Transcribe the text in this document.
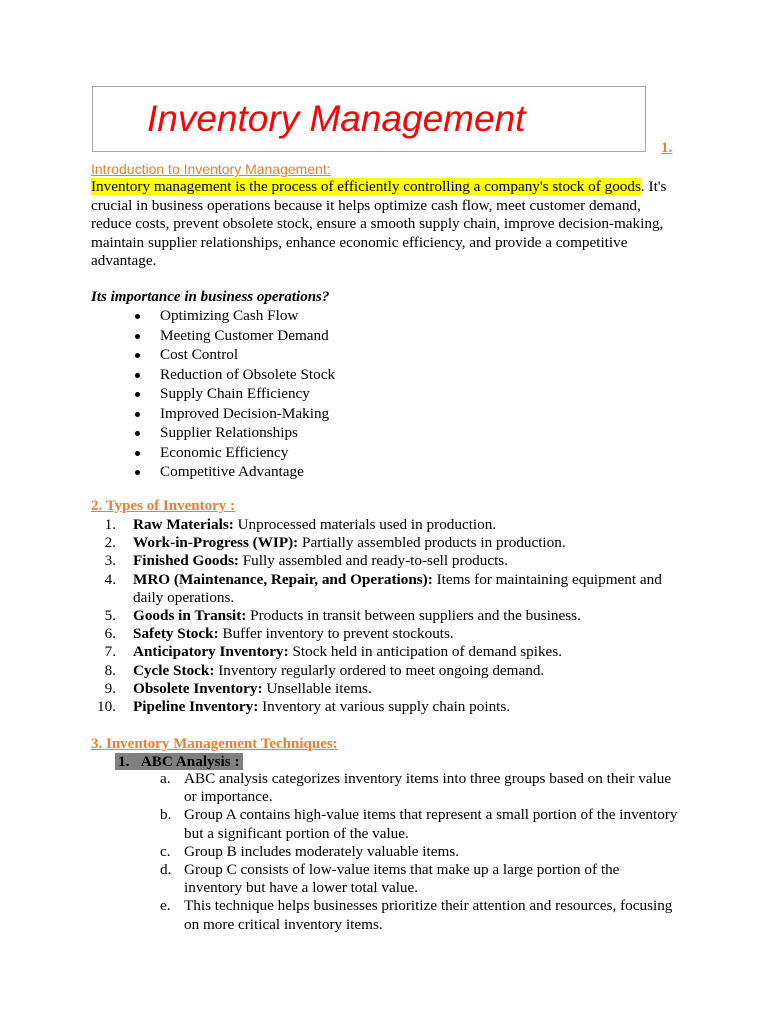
Inventory Management
1.
Introduction to Inventory Management:
Inventory management is the process of efficiently controlling a company's stock of goods. It's crucial in business operations because it helps optimize cash flow, meet customer demand, reduce costs, prevent obsolete stock, ensure a smooth supply chain, improve decision-making, maintain supplier relationships, enhance economic efficiency, and provide a competitive advantage.
Its importance in business operations?
Optimizing Cash Flow
Meeting Customer Demand
Cost Control
Reduction of Obsolete Stock
Supply Chain Efficiency
Improved Decision-Making
Supplier Relationships
Economic Efficiency
Competitive Advantage
2. Types of Inventory :
1. Raw Materials: Unprocessed materials used in production.
2. Work-in-Progress (WIP): Partially assembled products in production.
3. Finished Goods: Fully assembled and ready-to-sell products.
4. MRO (Maintenance, Repair, and Operations): Items for maintaining equipment and daily operations.
5. Goods in Transit: Products in transit between suppliers and the business.
6. Safety Stock: Buffer inventory to prevent stockouts.
7. Anticipatory Inventory: Stock held in anticipation of demand spikes.
8. Cycle Stock: Inventory regularly ordered to meet ongoing demand.
9. Obsolete Inventory: Unsellable items.
10. Pipeline Inventory: Inventory at various supply chain points.
3. Inventory Management Techniques:
1. ABC Analysis :
a. ABC analysis categorizes inventory items into three groups based on their value or importance.
b. Group A contains high-value items that represent a small portion of the inventory but a significant portion of the value.
c. Group B includes moderately valuable items.
d. Group C consists of low-value items that make up a large portion of the inventory but have a lower total value.
e. This technique helps businesses prioritize their attention and resources, focusing on more critical inventory items.
